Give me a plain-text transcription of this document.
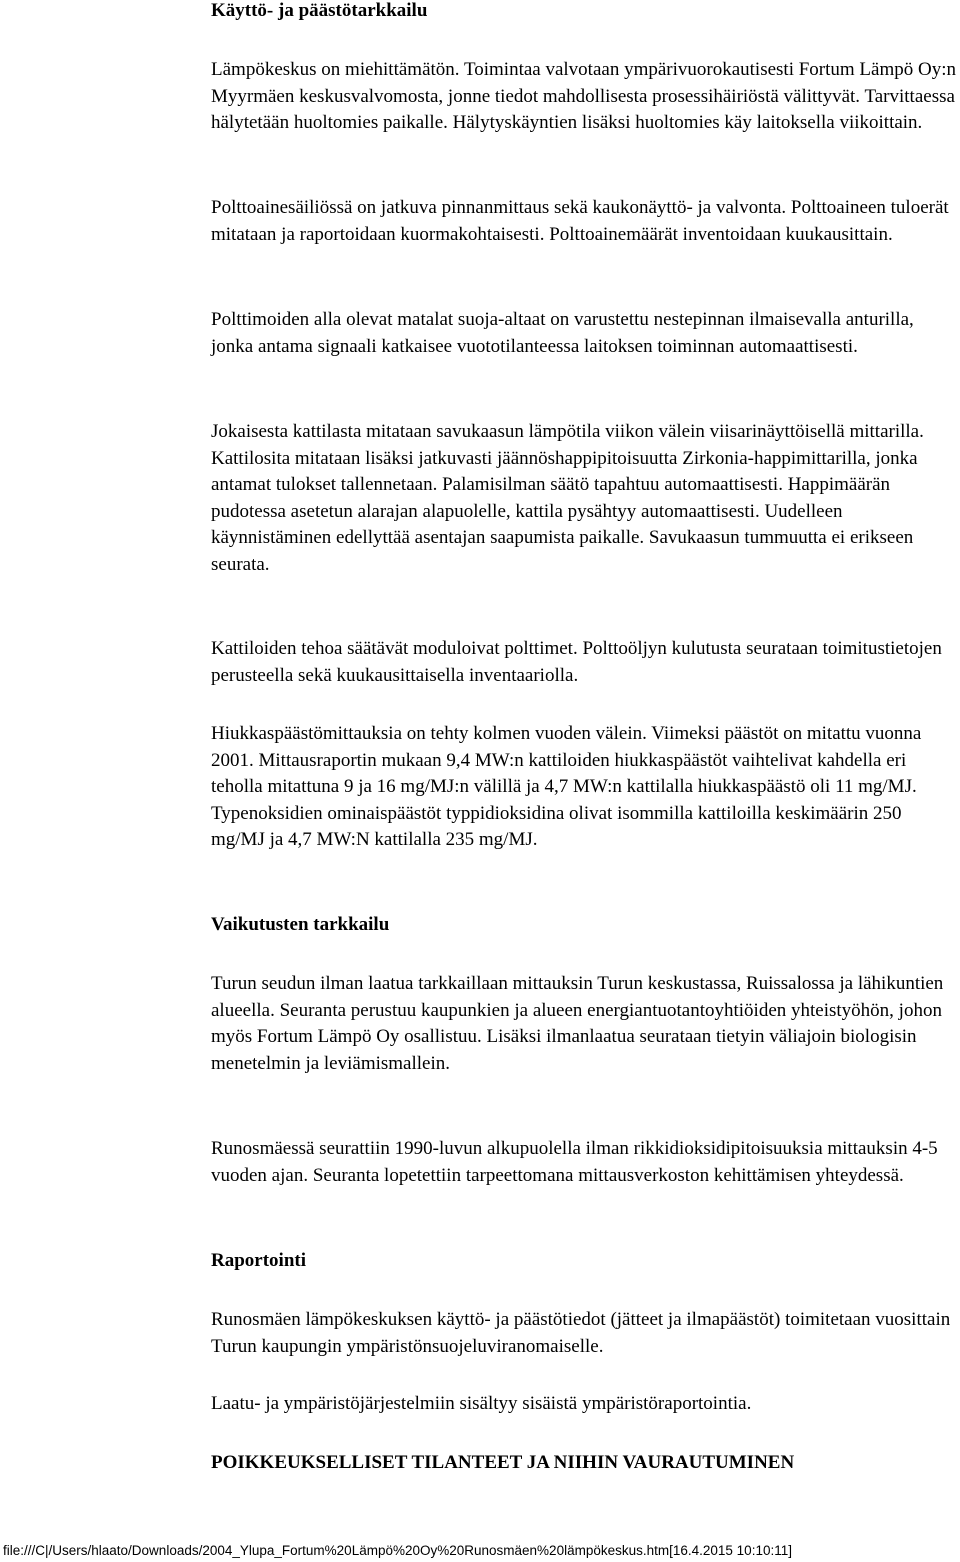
Käyttö- ja päästötarkkailu

Lämpökeskus on miehittämätön. Toimintaa valvotaan ympärivuorokautisesti Fortum Lämpö Oy:n Myyrmäen keskusvalvomosta, jonne tiedot mahdollisesta prosessihäiriöstä välittyvät. Tarvittaessa hälytetään huoltomies paikalle. Hälytyskäyntien lisäksi huoltomies käy laitoksella viikoittain.

Polttoainesäiliössä on jatkuva pinnanmittaus sekä kaukonäyttö- ja valvonta. Polttoaineen tuloerät mitataan ja raportoidaan kuormakohtaisesti. Polttoainemäärät inventoidaan kuukausittain.

Polttimoiden alla olevat matalat suoja-altaat on varustettu nestepinnan ilmaisevalla anturilla, jonka antama signaali katkaisee vuototilanteessa laitoksen toiminnan automaattisesti.

Jokaisesta kattilasta mitataan savukaasun lämpötila viikon välein viisarinäyttöisellä mittarilla. Kattilosita mitataan lisäksi jatkuvasti jäännöshappipitoisuutta Zirkonia-happimittarilla, jonka antamat tulokset tallennetaan. Palamisilman säätö tapahtuu automaattisesti. Happimäärän pudotessa asetetun alarajan alapuolelle, kattila pysähtyy automaattisesti. Uudelleen käynnistäminen edellyttää asentajan saapumista paikalle. Savukaasun tummuutta ei erikseen seurata.

Kattiloiden tehoa säätävät moduloivat polttimet. Polttoöljyn kulutusta seurataan toimitustietojen perusteella sekä kuukausittaisella inventaariolla.

Hiukkaspäästömittauksia on tehty kolmen vuoden välein. Viimeksi päästöt on mitattu vuonna 2001. Mittausraportin mukaan 9,4 MW:n kattiloiden hiukkaspäästöt vaihtelivat kahdella eri teholla mitattuna 9 ja 16 mg/MJ:n välillä ja 4,7 MW:n kattilalla hiukkaspäästö oli 11 mg/MJ. Typenoksidien ominaispäästöt typpidioksidina olivat isommilla kattiloilla keskimäärin 250 mg/MJ ja 4,7 MW:N kattilalla 235 mg/MJ.

Vaikutusten tarkkailu

Turun seudun ilman laatua tarkkaillaan mittauksin Turun keskustassa, Ruissalossa ja lähikuntien alueella. Seuranta perustuu kaupunkien ja alueen energiantuotantoyhtiöiden yhteistyöhön, johon myös Fortum Lämpö Oy osallistuu. Lisäksi ilmanlaatua seurataan tietyin väliajoin biologisin menetelmin ja leviämismallein.

Runosmäessä seurattiin 1990-luvun alkupuolella ilman rikkidioksidipitoisuuksia mittauksin 4-5 vuoden ajan. Seuranta lopetettiin tarpeettomana mittausverkoston kehittämisen yhteydessä.

Raportointi

Runosmäen lämpökeskuksen käyttö- ja päästötiedot (jätteet ja ilmapäästöt) toimitetaan vuosittain Turun kaupungin ympäristönsuojeluviranomaiselle.

Laatu- ja ympäristöjärjestelmiin sisältyy sisäistä ympäristöraportointia.

POIKKEUKSELLISET TILANTEET JA NIIHIN VAURAUTUMINEN
file:///C|/Users/hlaato/Downloads/2004_Ylupa_Fortum%20Lämpö%20Oy%20Runosmäen%20lämpökeskus.htm[16.4.2015 10:10:11]
